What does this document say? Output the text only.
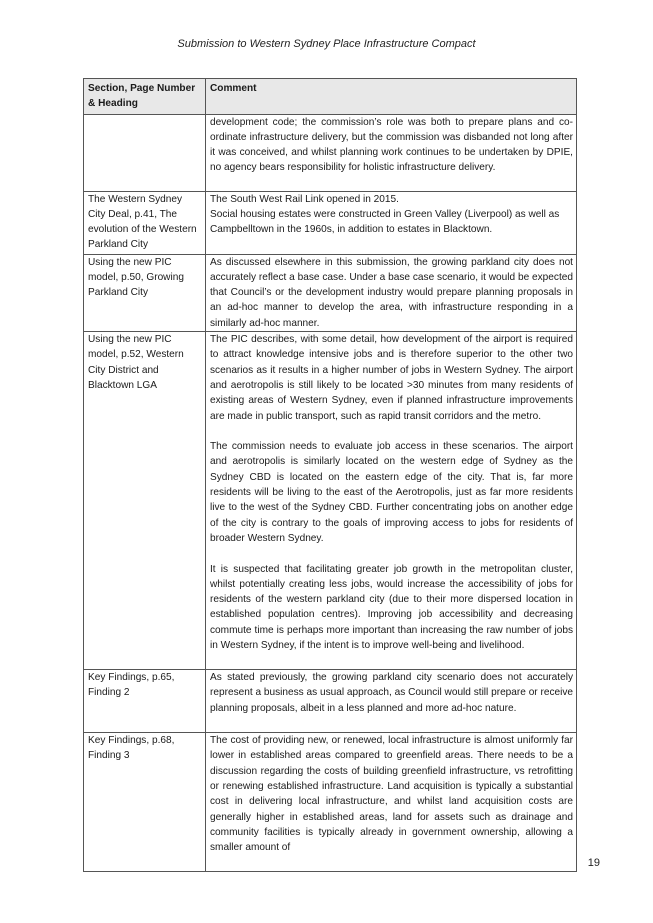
Submission to Western Sydney Place Infrastructure Compact
Section, Page Number & Heading	Comment

	development code; the commission’s role was both to prepare plans and co-ordinate infrastructure delivery, but the commission was disbanded not long after it was conceived, and whilst planning work continues to be undertaken by DPIE, no agency bears responsibility for holistic infrastructure delivery.

The Western Sydney City Deal, p.41, The evolution of the Western Parkland City	The South West Rail Link opened in 2015.
Social housing estates were constructed in Green Valley (Liverpool) as well as Campbelltown in the 1960s, in addition to estates in Blacktown.

Using the new PIC model, p.50, Growing Parkland City	As discussed elsewhere in this submission, the growing parkland city does not accurately reflect a base case. Under a base case scenario, it would be expected that Council’s or the development industry would prepare planning proposals in an ad-hoc manner to develop the area, with infrastructure responding in a similarly ad-hoc manner.

Using the new PIC model, p.52, Western City District and Blacktown LGA	The PIC describes, with some detail, how development of the airport is required to attract knowledge intensive jobs and is therefore superior to the other two scenarios as it results in a higher number of jobs in Western Sydney. The airport and aerotropolis is still likely to be located >30 minutes from many residents of existing areas of Western Sydney, even if planned infrastructure improvements are made in public transport, such as rapid transit corridors and the metro.

The commission needs to evaluate job access in these scenarios. The airport and aerotropolis is similarly located on the western edge of Sydney as the Sydney CBD is located on the eastern edge of the city. That is, far more residents will be living to the east of the Aerotropolis, just as far more residents live to the west of the Sydney CBD. Further concentrating jobs on another edge of the city is contrary to the goals of improving access to jobs for residents of broader Western Sydney.

It is suspected that facilitating greater job growth in the metropolitan cluster, whilst potentially creating less jobs, would increase the accessibility of jobs for residents of the western parkland city (due to their more dispersed location in established population centres). Improving job accessibility and decreasing commute time is perhaps more important than increasing the raw number of jobs in Western Sydney, if the intent is to improve well-being and livelihood.

Key Findings, p.65, Finding 2	As stated previously, the growing parkland city scenario does not accurately represent a business as usual approach, as Council would still prepare or receive planning proposals, albeit in a less planned and more ad-hoc nature.

Key Findings, p.68, Finding 3	The cost of providing new, or renewed, local infrastructure is almost uniformly far lower in established areas compared to greenfield areas. There needs to be a discussion regarding the costs of building greenfield infrastructure, vs retrofitting or renewing established infrastructure. Land acquisition is typically a substantial cost in delivering local infrastructure, and whilst land acquisition costs are generally higher in established areas, land for assets such as drainage and community facilities is typically already in government ownership, allowing a smaller amount of

19
